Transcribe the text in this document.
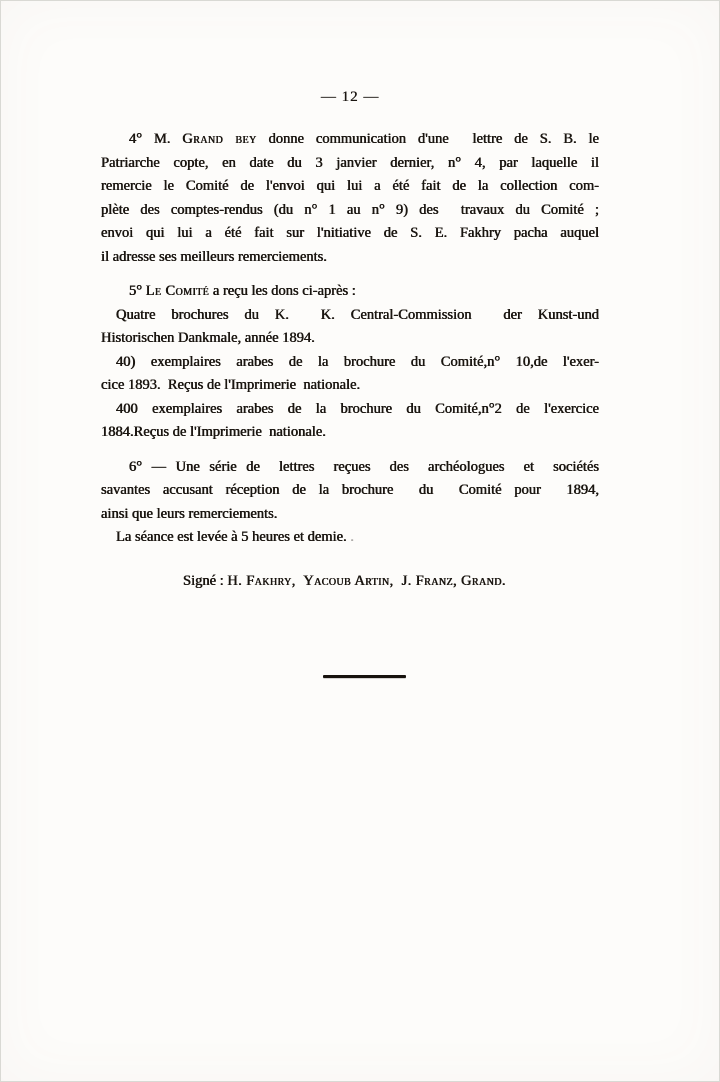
— 12 —
4° M. Grand bey donne communication d'une  lettre de S. B. le
Patriarche copte, en date du 3 janvier dernier, n° 4, par laquelle il
remercie le Comité de l'envoi qui lui a été fait de la collection com-
plète des comptes-rendus (du n° 1 au n° 9) des  travaux du Comité ;
envoi qui lui a été fait sur l'nitiative de S. E. Fakhry pacha auquel
il adresse ses meilleurs remerciements.
5° Le Comité a reçu les dons ci-après :
Quatre brochures du K.  K. Central-Commission  der Kunst-und
Historischen Dankmale, année 1894.
40) exemplaires arabes de la brochure du Comité,n° 10,de l'exer-
cice 1893.  Reçus de l'Imprimerie  nationale.
400 exemplaires arabes de la brochure du Comité,n°2 de l'exercice
1884.Reçus de l'Imprimerie  nationale.
6° — Une série de  lettres  reçues  des  archéologues  et  sociétés
savantes accusant réception de la brochure  du  Comité pour  1894,
ainsi que leurs remerciements.
La séance est levée à 5 heures et demie. .
Signé : H. Fakhry,  Yacoub Artin,  J. Franz, Grand.
